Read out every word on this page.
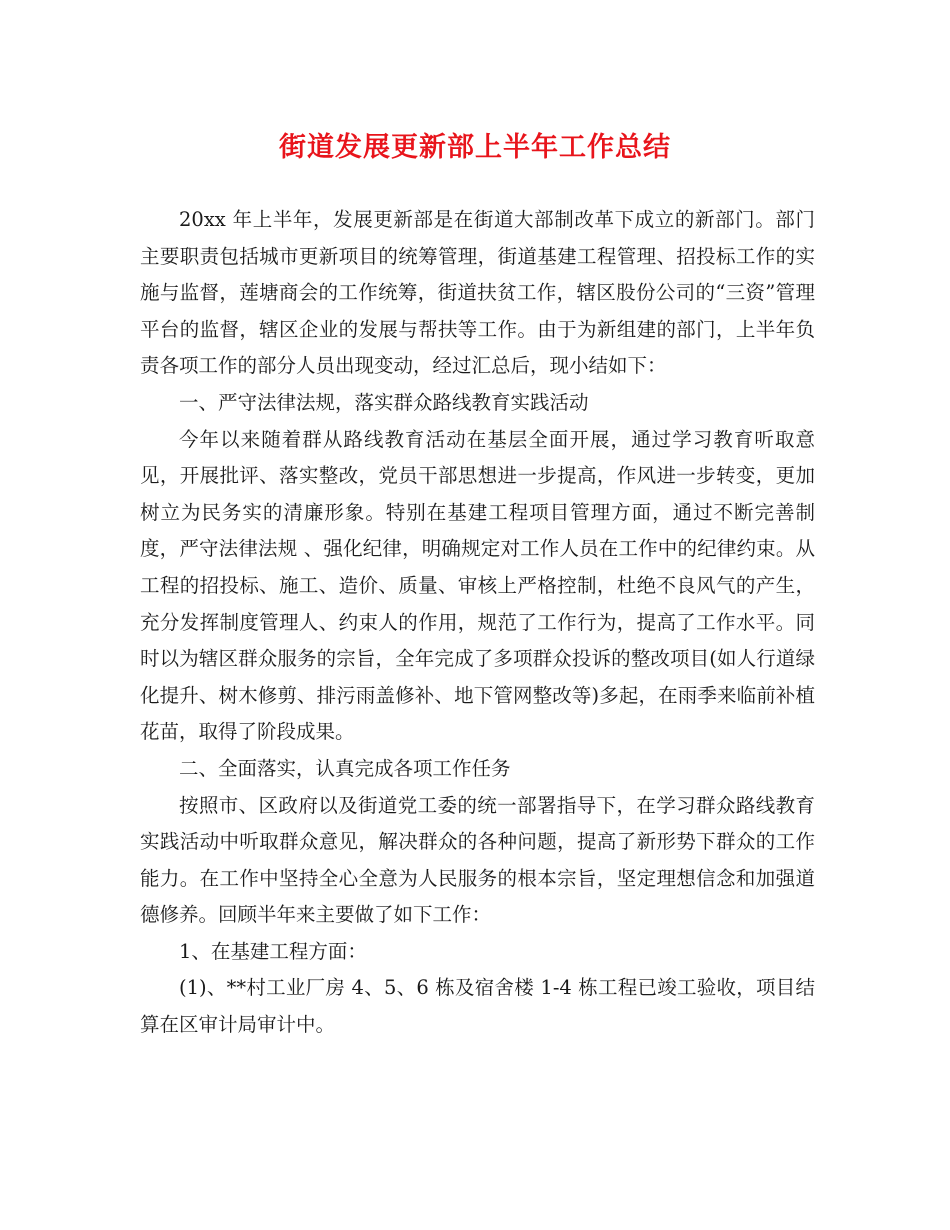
街道发展更新部上半年工作总结

20xx 年上半年，发展更新部是在街道大部制改革下成立的新部门。部门主要职责包括城市更新项目的统筹管理，街道基建工程管理、招投标工作的实施与监督，莲塘商会的工作统筹，街道扶贫工作，辖区股份公司的“三资”管理平台的监督，辖区企业的发展与帮扶等工作。由于为新组建的部门，上半年负责各项工作的部分人员出现变动，经过汇总后，现小结如下：

一、严守法律法规，落实群众路线教育实践活动

今年以来随着群从路线教育活动在基层全面开展，通过学习教育听取意见，开展批评、落实整改，党员干部思想进一步提高，作风进一步转变，更加树立为民务实的清廉形象。特别在基建工程项目管理方面，通过不断完善制度，严守法律法规 、强化纪律，明确规定对工作人员在工作中的纪律约束。从工程的招投标、施工、造价、质量、审核上严格控制，杜绝不良风气的产生，充分发挥制度管理人、约束人的作用，规范了工作行为，提高了工作水平。同时以为辖区群众服务的宗旨，全年完成了多项群众投诉的整改项目(如人行道绿化提升、树木修剪、排污雨盖修补、地下管网整改等)多起，在雨季来临前补植花苗，取得了阶段成果。

二、全面落实，认真完成各项工作任务

按照市、区政府以及街道党工委的统一部署指导下，在学习群众路线教育实践活动中听取群众意见，解决群众的各种问题，提高了新形势下群众的工作能力。在工作中坚持全心全意为人民服务的根本宗旨，坚定理想信念和加强道德修养。回顾半年来主要做了如下工作：

1、在基建工程方面：

(1)、**村工业厂房 4、5、6 栋及宿舍楼 1-4 栋工程已竣工验收，项目结算在区审计局审计中。
